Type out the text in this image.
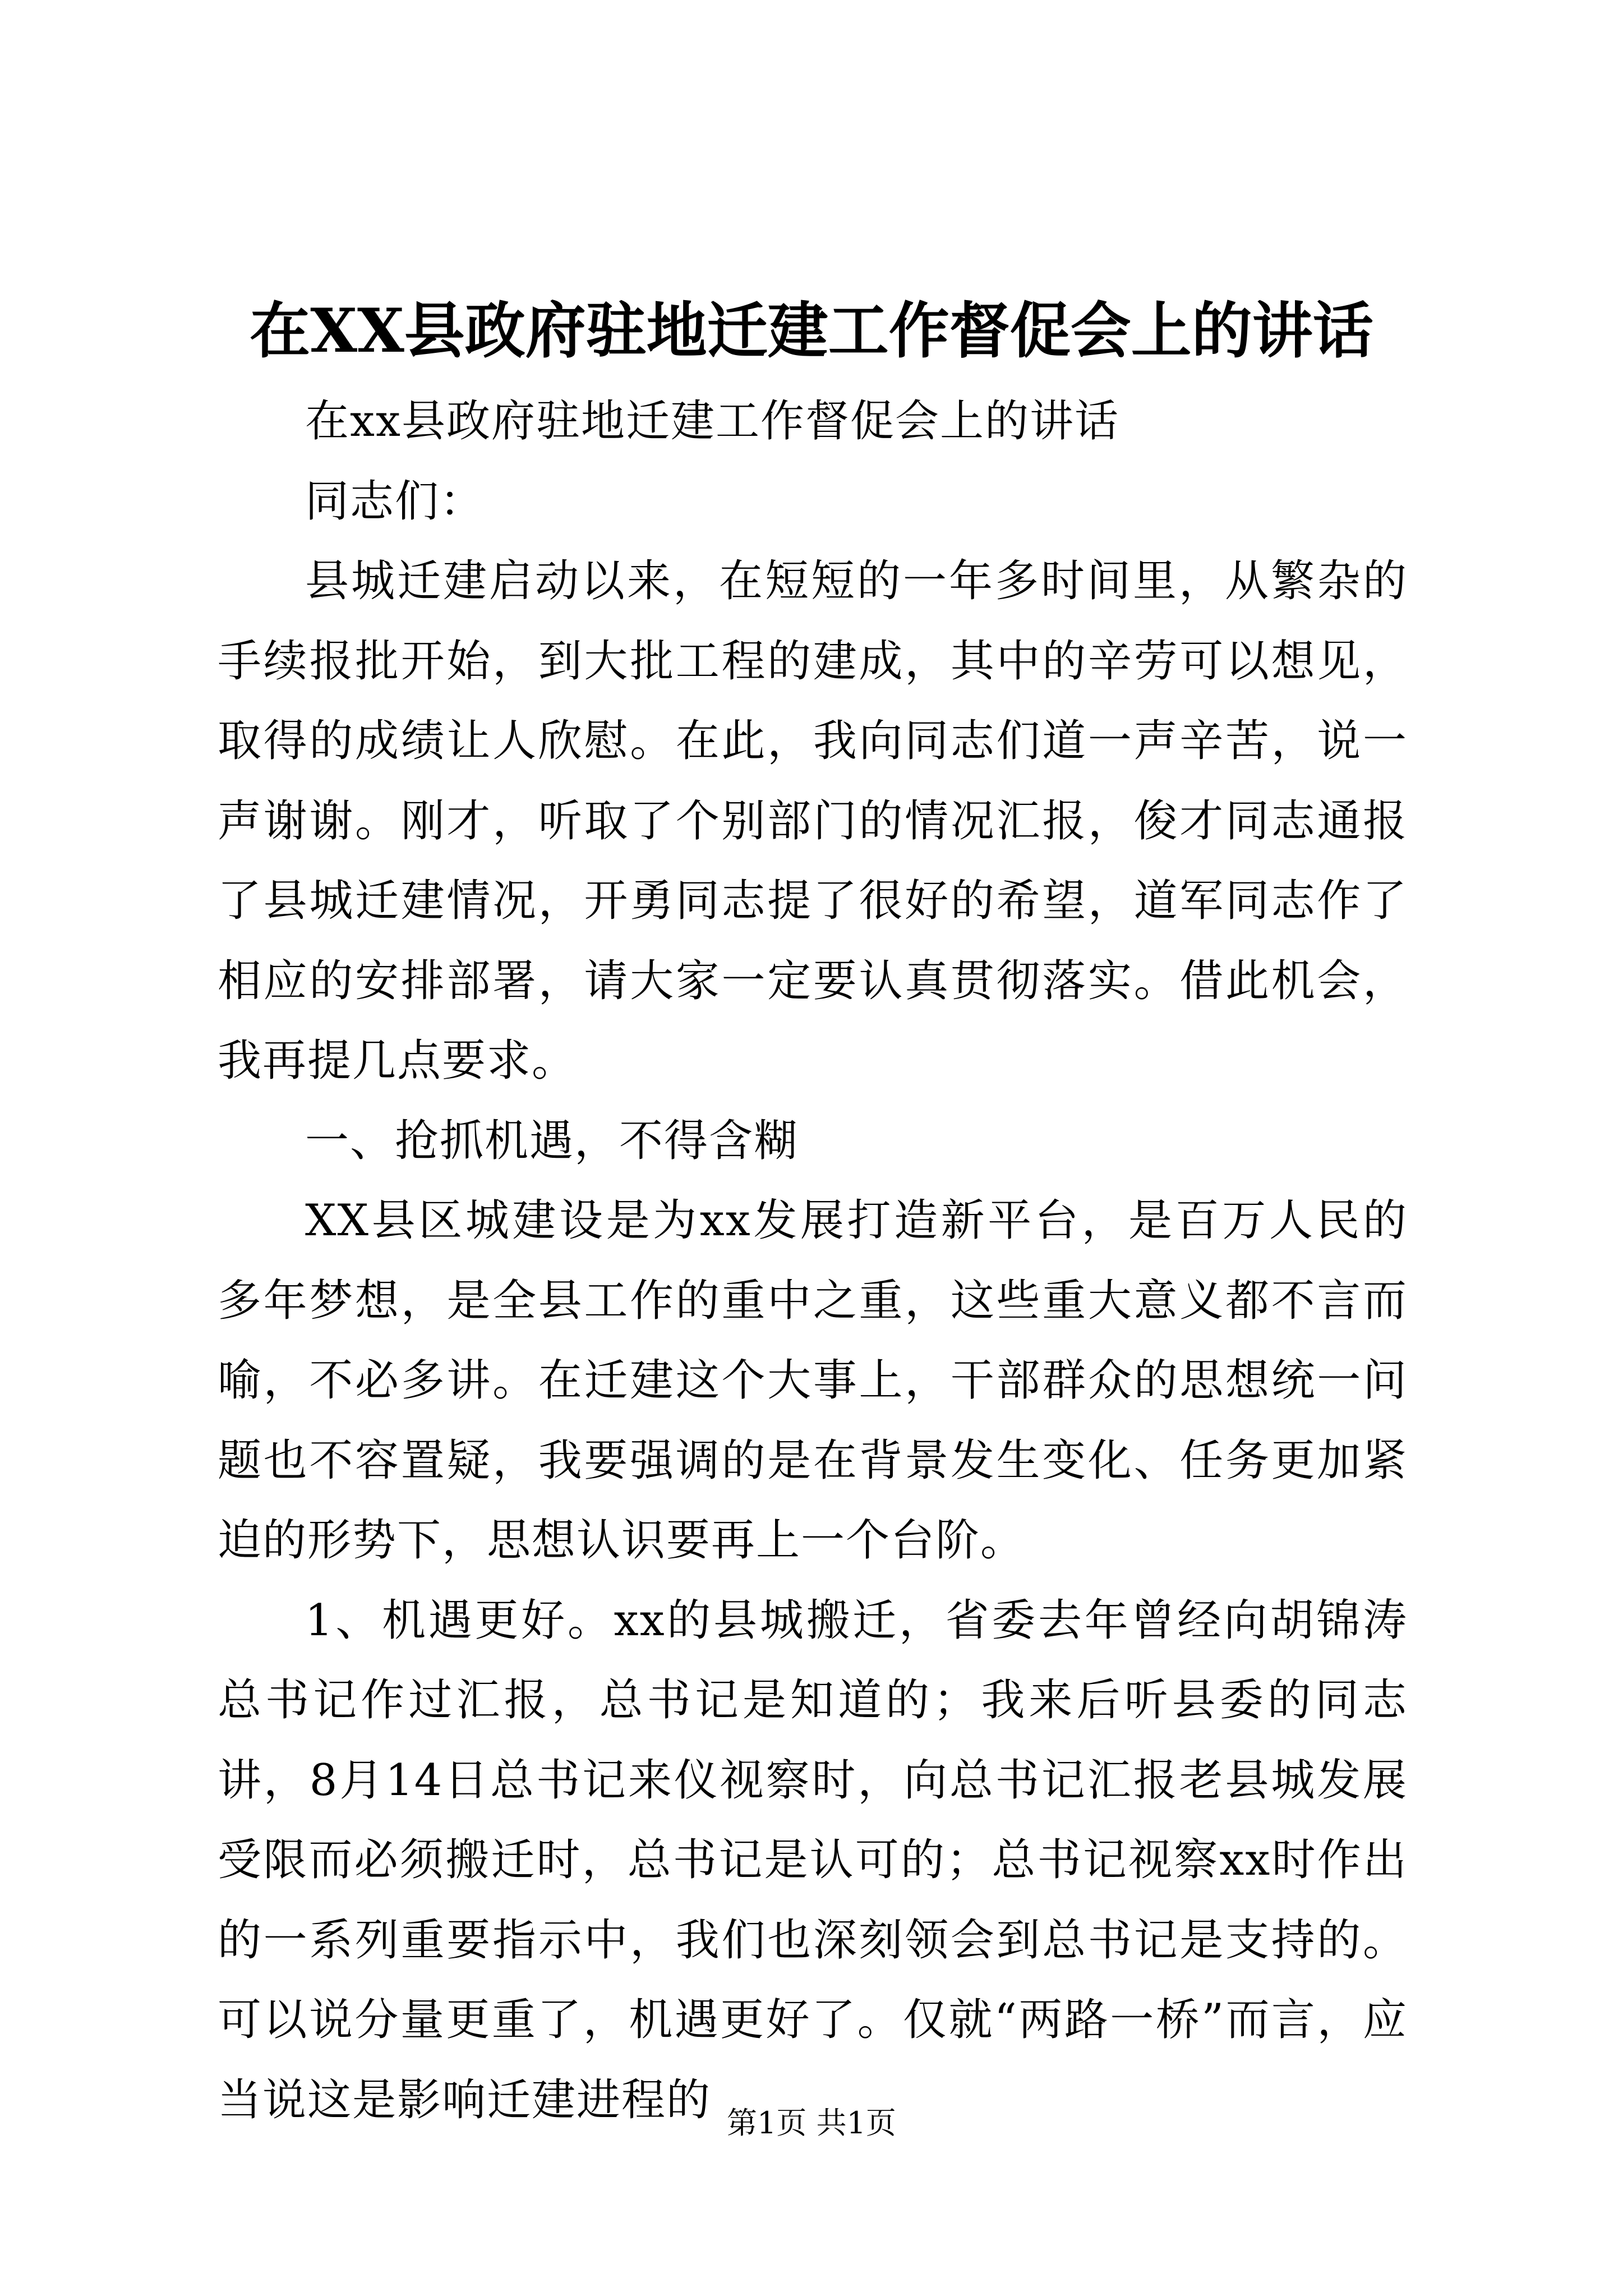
在XX县政府驻地迁建工作督促会上的讲话

在xx县政府驻地迁建工作督促会上的讲话

同志们：

县城迁建启动以来，在短短的一年多时间里，从繁杂的手续报批开始，到大批工程的建成，其中的辛劳可以想见，取得的成绩让人欣慰。在此，我向同志们道一声辛苦，说一声谢谢。刚才，听取了个别部门的情况汇报，俊才同志通报了县城迁建情况，开勇同志提了很好的希望，道军同志作了相应的安排部署，请大家一定要认真贯彻落实。借此机会，我再提几点要求。

一、抢抓机遇，不得含糊

XX县区城建设是为xx发展打造新平台，是百万人民的多年梦想，是全县工作的重中之重，这些重大意义都不言而喻，不必多讲。在迁建这个大事上，干部群众的思想统一问题也不容置疑，我要强调的是在背景发生变化、任务更加紧迫的形势下，思想认识要再上一个台阶。

1、机遇更好。xx的县城搬迁，省委去年曾经向胡锦涛总书记作过汇报，总书记是知道的；我来后听县委的同志讲，8月14日总书记来仪视察时，向总书记汇报老县城发展受限而必须搬迁时，总书记是认可的；总书记视察xx时作出的一系列重要指示中，我们也深刻领会到总书记是支持的。可以说分量更重了，机遇更好了。仅就“两路一桥”而言，应当说这是影响迁建进程的 第1页 共1页
